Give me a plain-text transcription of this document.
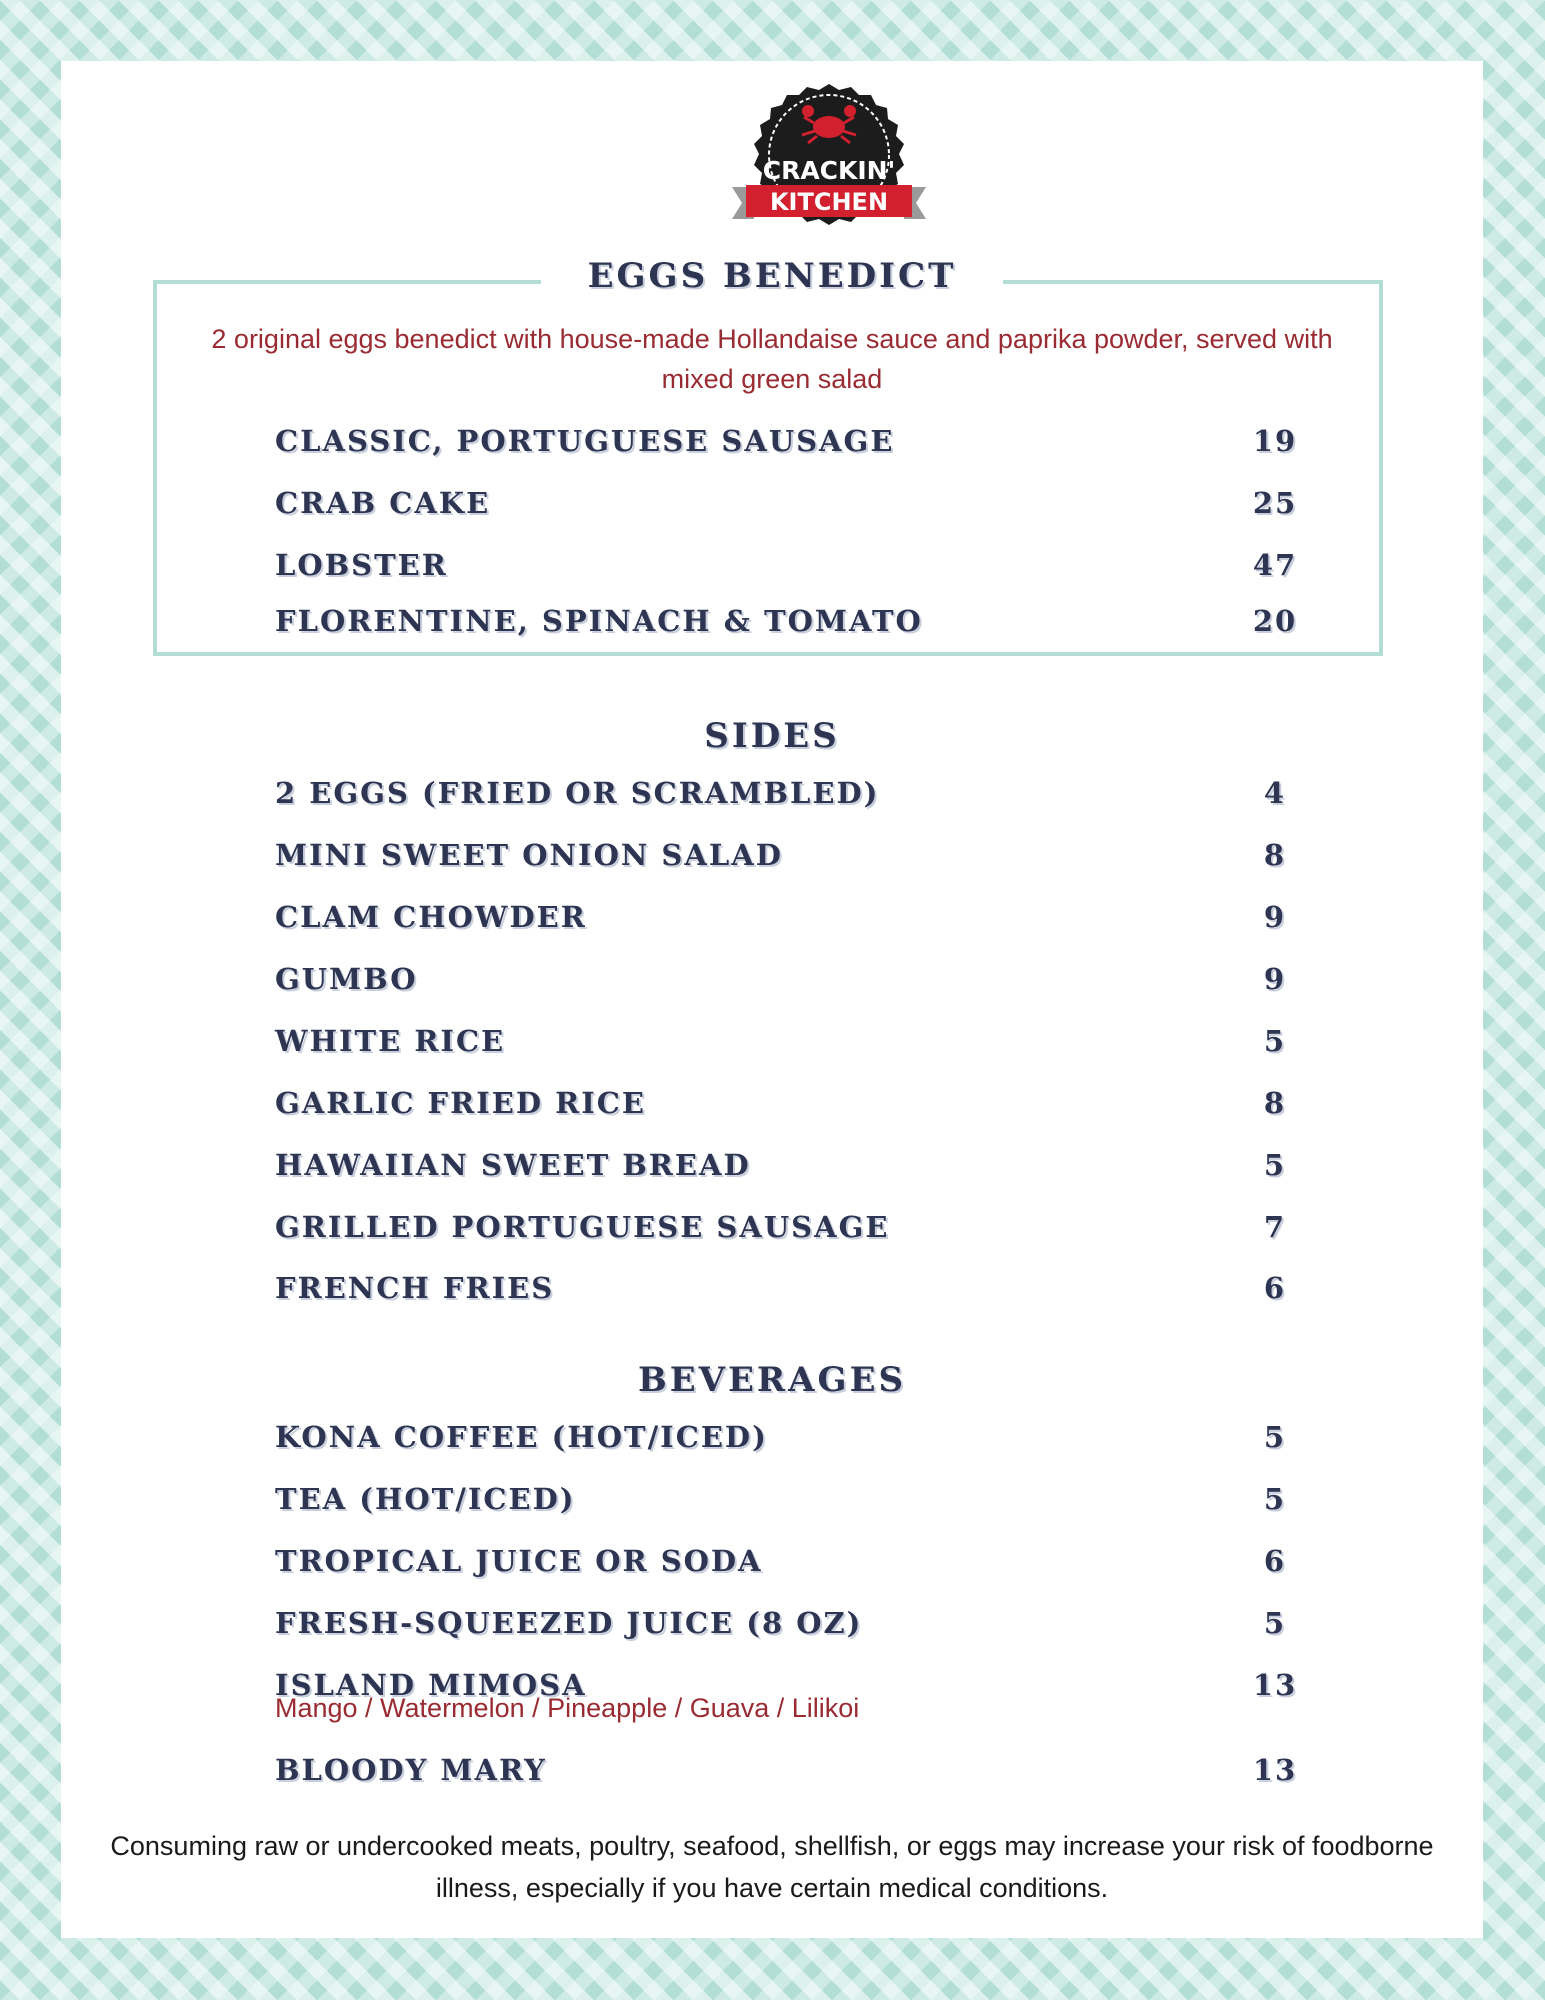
CRACKIN'
KITCHEN
EGGS BENEDICT
2 original eggs benedict with house-made Hollandaise sauce and paprika powder, served with mixed green salad
CLASSIC, PORTUGUESE SAUSAGE	19
CRAB CAKE	25
LOBSTER	47
FLORENTINE, SPINACH & TOMATO	20
SIDES
2 EGGS (FRIED OR SCRAMBLED)	4
MINI SWEET ONION SALAD	8
CLAM CHOWDER	9
GUMBO	9
WHITE RICE	5
GARLIC FRIED RICE	8
HAWAIIAN SWEET BREAD	5
GRILLED PORTUGUESE SAUSAGE	7
FRENCH FRIES	6
BEVERAGES
KONA COFFEE (HOT/ICED)	5
TEA (HOT/ICED)	5
TROPICAL JUICE OR SODA	6
FRESH-SQUEEZED JUICE (8 OZ)	5
ISLAND MIMOSA	13
Mango / Watermelon / Pineapple / Guava / Lilikoi
BLOODY MARY	13
Consuming raw or undercooked meats, poultry, seafood, shellfish, or eggs may increase your risk of foodborne illness, especially if you have certain medical conditions.
